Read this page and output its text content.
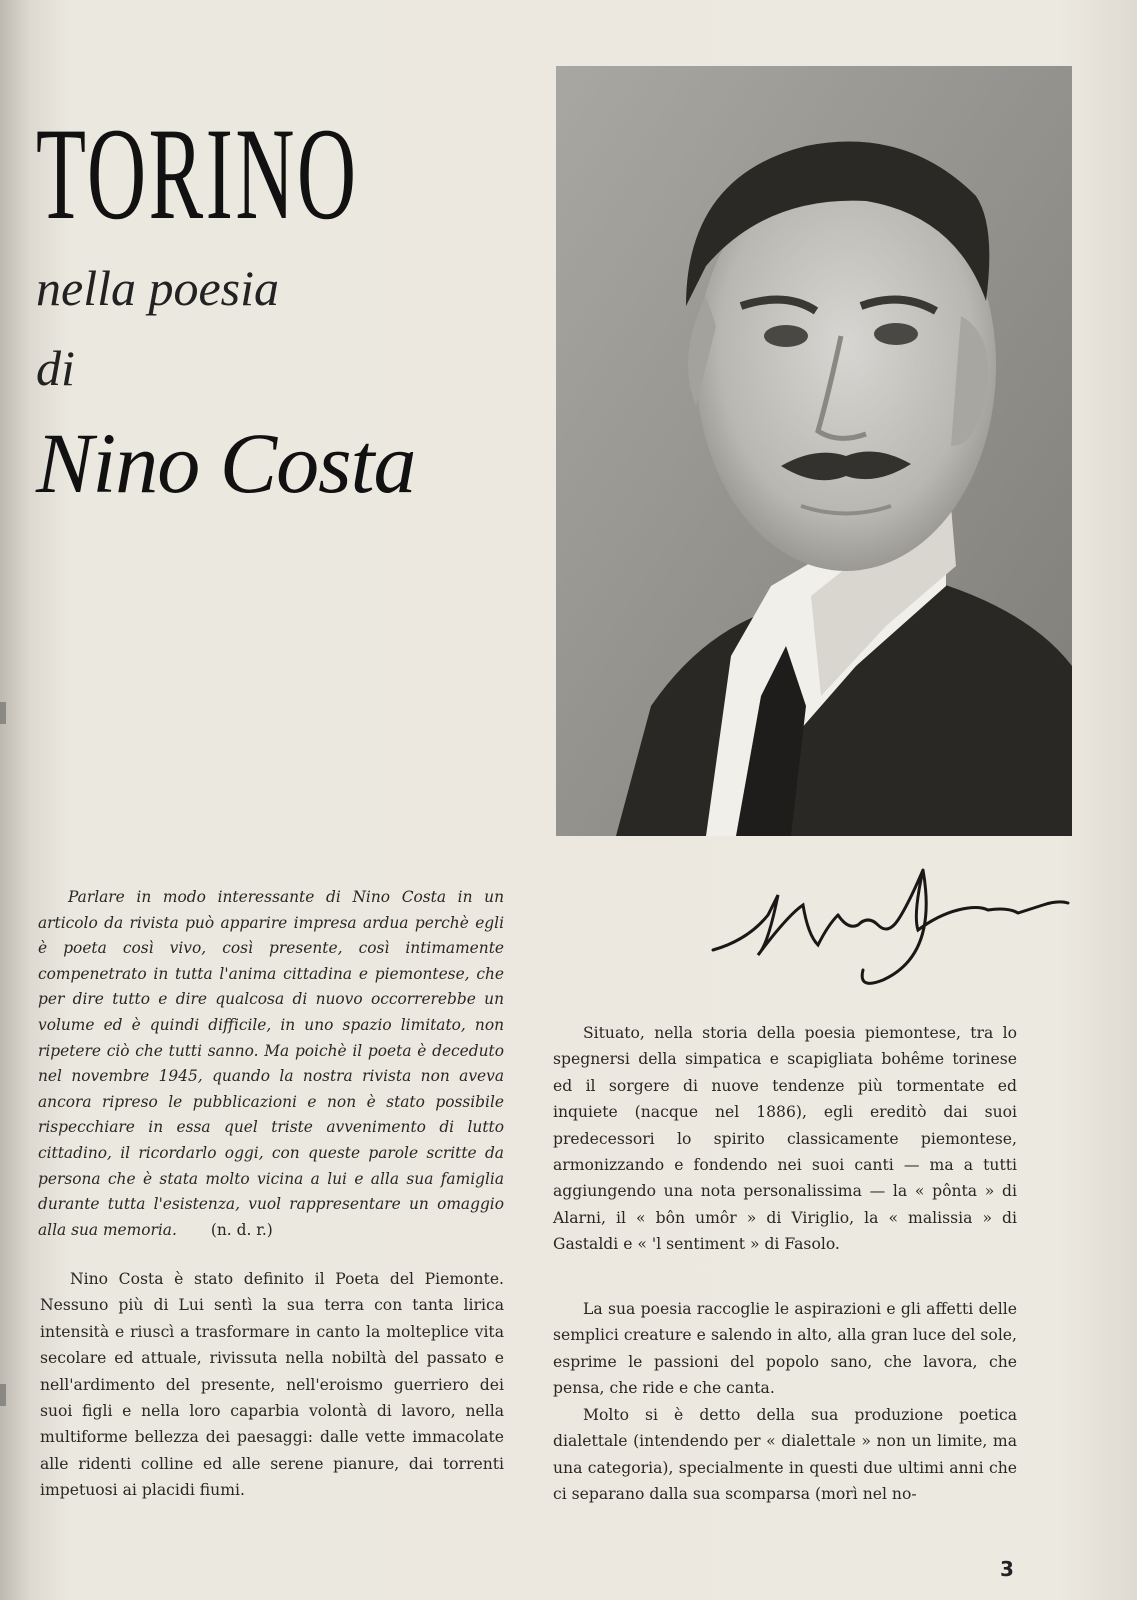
TORINO
nella poesia
di
Nino Costa

Parlare in modo interessante di Nino Costa in un articolo da rivista può apparire impresa ardua perchè egli è poeta così vivo, così presente, così intimamente compenetrato in tutta l'anima cittadina e piemontese, che per dire tutto e dire qualcosa di nuovo occorrerebbe un volume ed è quindi difficile, in uno spazio limitato, non ripetere ciò che tutti sanno. Ma poichè il poeta è deceduto nel novembre 1945, quando la nostra rivista non aveva ancora ripreso le pubblicazioni e non è stato possibile rispecchiare in essa quel triste avvenimento di lutto cittadino, il ricordarlo oggi, con queste parole scritte da persona che è stata molto vicina a lui e alla sua famiglia durante tutta l'esistenza, vuol rappresentare un omaggio alla sua memoria. (n. d. r.)

Nino Costa è stato definito il Poeta del Piemonte. Nessuno più di Lui sentì la sua terra con tanta lirica intensità e riuscì a trasformare in canto la molteplice vita secolare ed attuale, rivissuta nella nobiltà del passato e nell'ardimento del presente, nell'eroismo guerriero dei suoi figli e nella loro caparbia volontà di lavoro, nella multiforme bellezza dei paesaggi: dalle vette immacolate alle ridenti colline ed alle serene pianure, dai torrenti impetuosi ai placidi fiumi.

Situato, nella storia della poesia piemontese, tra lo spegnersi della simpatica e scapigliata bohême torinese ed il sorgere di nuove tendenze più tormentate ed inquiete (nacque nel 1886), egli ereditò dai suoi predecessori lo spirito classicamente piemontese, armonizzando e fondendo nei suoi canti — ma a tutti aggiungendo una nota personalissima — la « pônta » di Alarni, il « bôn umôr » di Viriglio, la « malissia » di Gastaldi e « 'l sentiment » di Fasolo.

La sua poesia raccoglie le aspirazioni e gli affetti delle semplici creature e salendo in alto, alla gran luce del sole, esprime le passioni del popolo sano, che lavora, che pensa, che ride e che canta.

Molto si è detto della sua produzione poetica dialettale (intendendo per « dialettale » non un limite, ma una categoria), specialmente in questi due ultimi anni che ci separano dalla sua scomparsa (morì nel no-

3
